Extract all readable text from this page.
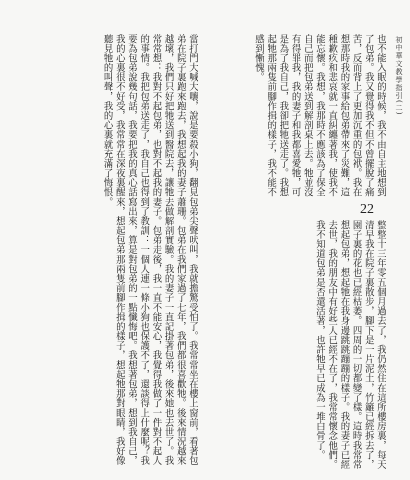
初中華文教學指引(二)
22
也不能入眠的時候，我不由自主地想到了包弟。我又覺得我不但不曾擺脫了痛苦，反而背上了更加沉重的包袱。我在想那時我的家事給包弟帶來了災難，這種歉疚和悲哀就一直糾纏著我，使我不能忘懷。我想，我那時不應該為了保全自己而把包弟送到解剖桌上去。牠並沒有得罪我，我的妻子和我都喜愛牠，可是為了我自己，我卻把牠送走了。我想起牠那兩隻前腳作揖的樣子，我不能不感到慚愧。
整整十三年零五個月過去了，我仍然住在這所樓房裏，每天清早我在院子裏散步，腳下是一片泥土，竹籬已經拆去了，園子裏的花也已經枯萎。四周的一切都變了樣。這時我常常想起包弟，想起牠在我身邊跳跳蹦蹦的樣子。我的妻子已經去世，我的朋友中有好些人已經不在了，我常常懷念他們。我不知道包弟是否還活著，也許牠早已成為一堆白骨了。
當打門大喊大嚷，說是要殺小狗，翻見包弟尖聲吠叫，我就擔驚受怕了。我常常坐在樓上窗前，看著包弟在院子裏跑來跑去，我想起我的妻子蕭珊。包弟在我們家過了七年，我們都很喜歡牠。後來情況越來越壞，我們只好把牠送到醫院去，讓牠去做解剖實驗。我的妻子一直記掛著包弟，後來她也去世了。我常常想：我對不起包弟，也對不起我的妻子。包弟走後，我一直不能安心，我覺得我做了一件對不起人的事情。我把包弟送走了，我自己也得到了教訓：一個人連一條小狗也保護不了，還談得上什麼呢？我要為包弟說幾句話，我要把我的真心話寫出來，算是對包弟的一點懺悔吧。我想著包弟，想到我自己，我的心裏很不好受，我常常在深夜裏醒來，想起包弟那兩隻前腳作揖的樣子，想起牠那對眼睛，我好像聽見牠的叫聲，我的心裏就充滿了悔恨。
